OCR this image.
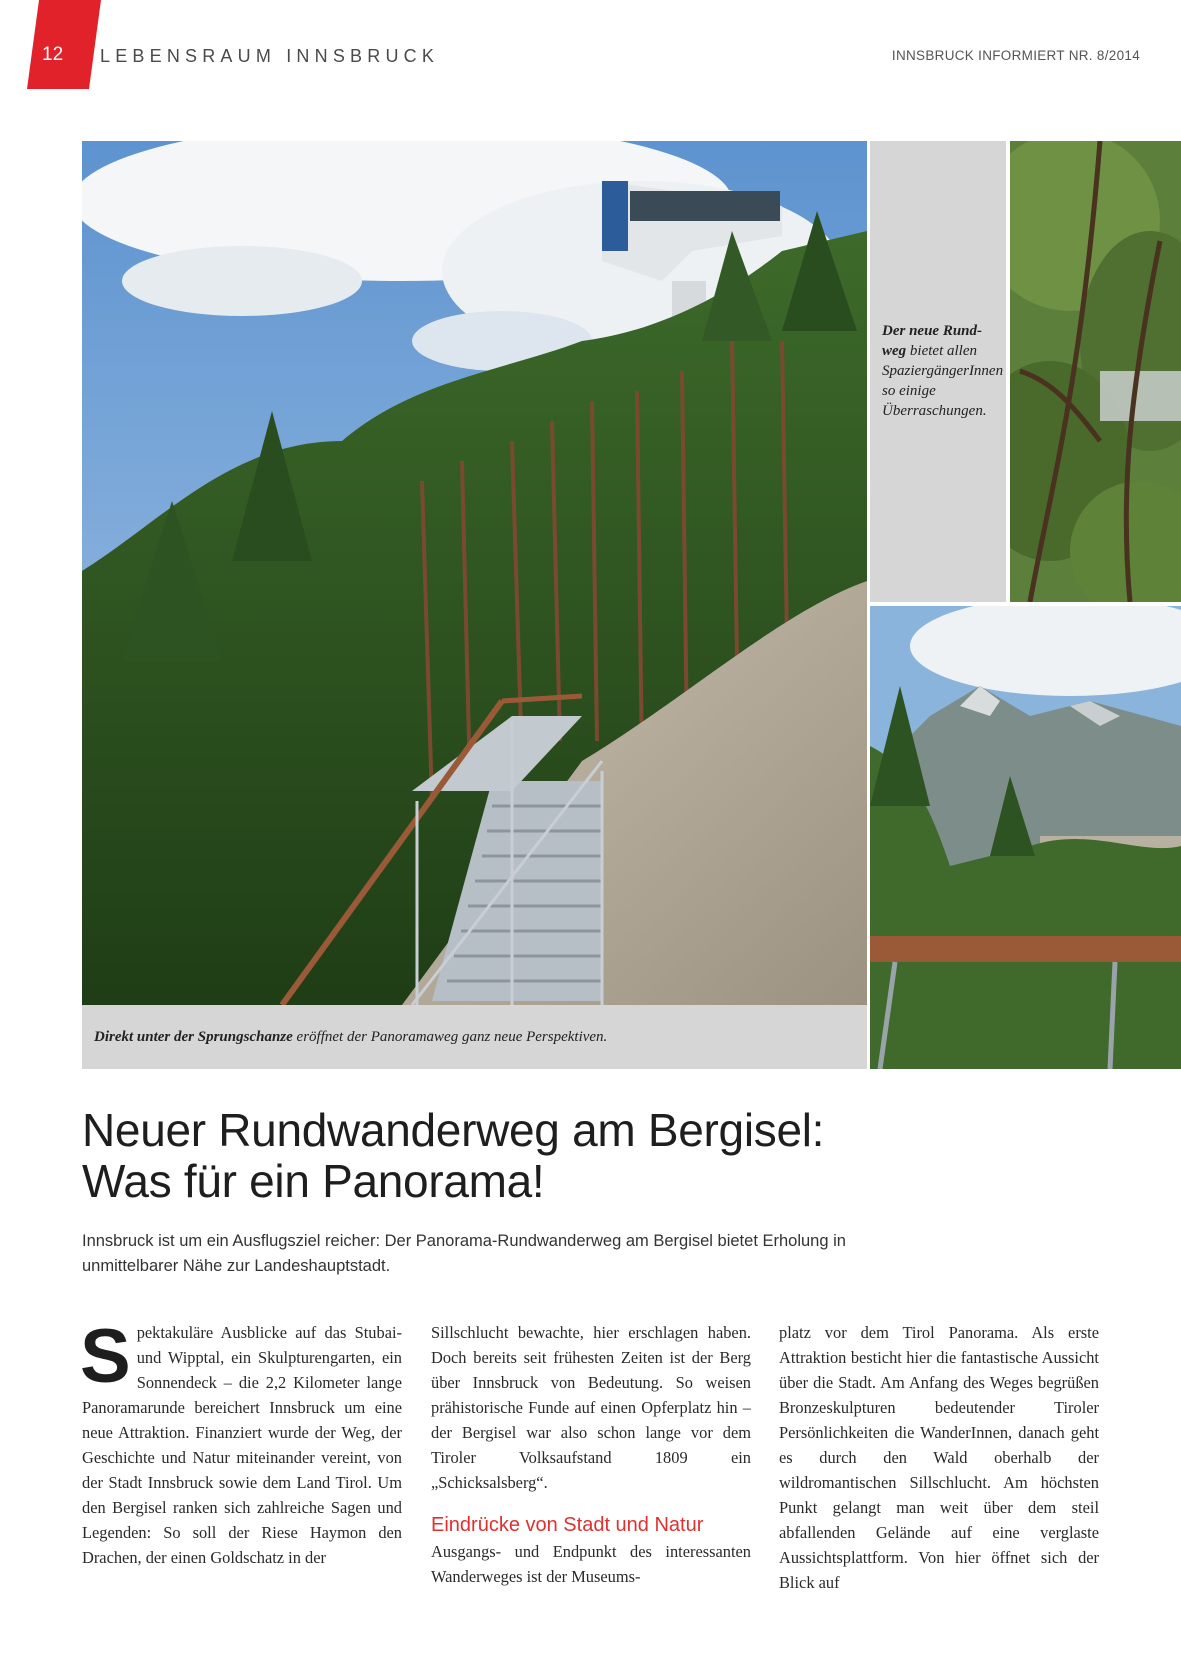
12	LEBENSRAUM INNSBRUCK	INNSBRUCK INFORMIERT NR. 8/2014
Der neue Rundweg bietet allen SpaziergängerInnen so einige Überraschungen.
Direkt unter der Sprungschanze eröffnet der Panoramaweg ganz neue Perspektiven.
Neuer Rundwanderweg am Bergisel:
Was für ein Panorama!

Innsbruck ist um ein Ausflugsziel reicher: Der Panorama-Rundwanderweg am Bergisel bietet Erholung in unmittelbarer Nähe zur Landeshauptstadt.

Spektakuläre Ausblicke auf das Stubai- und Wipptal, ein Skulpturengarten, ein Sonnendeck – die 2,2 Kilometer lange Panoramarunde bereichert Innsbruck um eine neue Attraktion. Finanziert wurde der Weg, der Geschichte und Natur miteinander vereint, von der Stadt Innsbruck sowie dem Land Tirol. Um den Bergisel ranken sich zahlreiche Sagen und Legenden: So soll der Riese Haymon den Drachen, der einen Goldschatz in der
Sillschlucht bewachte, hier erschlagen haben. Doch bereits seit frühesten Zeiten ist der Berg über Innsbruck von Bedeutung. So weisen prähistorische Funde auf einen Opferplatz hin – der Bergisel war also schon lange vor dem Tiroler Volksaufstand 1809 ein „Schicksalsberg“.
Eindrücke von Stadt und Natur
Ausgangs- und Endpunkt des interessanten Wanderweges ist der Museums-
platz vor dem Tirol Panorama. Als erste Attraktion besticht hier die fantastische Aussicht über die Stadt. Am Anfang des Weges begrüßen Bronzeskulpturen bedeutender Tiroler Persönlichkeiten die WanderInnen, danach geht es durch den Wald oberhalb der wildromantischen Sillschlucht. Am höchsten Punkt gelangt man weit über dem steil abfallenden Gelände auf eine verglaste Aussichtsplattform. Von hier öffnet sich der Blick auf
